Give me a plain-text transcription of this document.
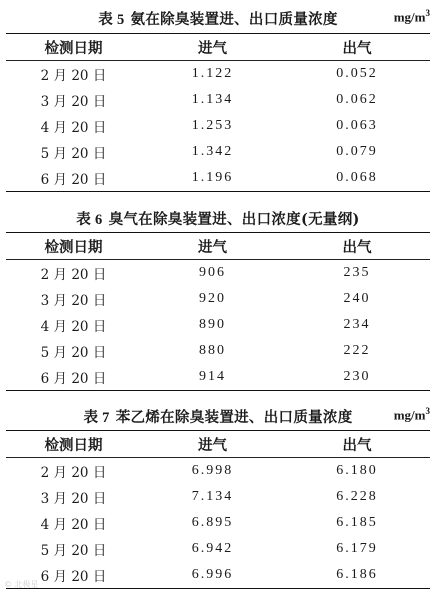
表 5 氨在除臭装置进、出口质量浓度	$mg/m^3$
检测日期	进气	出气
2 月 20 日	1.122	0.052
3 月 20 日	1.134	0.062
4 月 20 日	1.253	0.063
5 月 20 日	1.342	0.079
6 月 20 日	1.196	0.068
表 6 臭气在除臭装置进、出口浓度(无量纲)
检测日期	进气	出气
2 月 20 日	906	235
3 月 20 日	920	240
4 月 20 日	890	234
5 月 20 日	880	222
6 月 20 日	914	230
表 7 苯乙烯在除臭装置进、出口质量浓度	$mg/m^3$
检测日期	进气	出气
2 月 20 日	6.998	6.180
3 月 20 日	7.134	6.228
4 月 20 日	6.895	6.185
5 月 20 日	6.942	6.179
6 月 20 日	6.996	6.186
© 北极星
